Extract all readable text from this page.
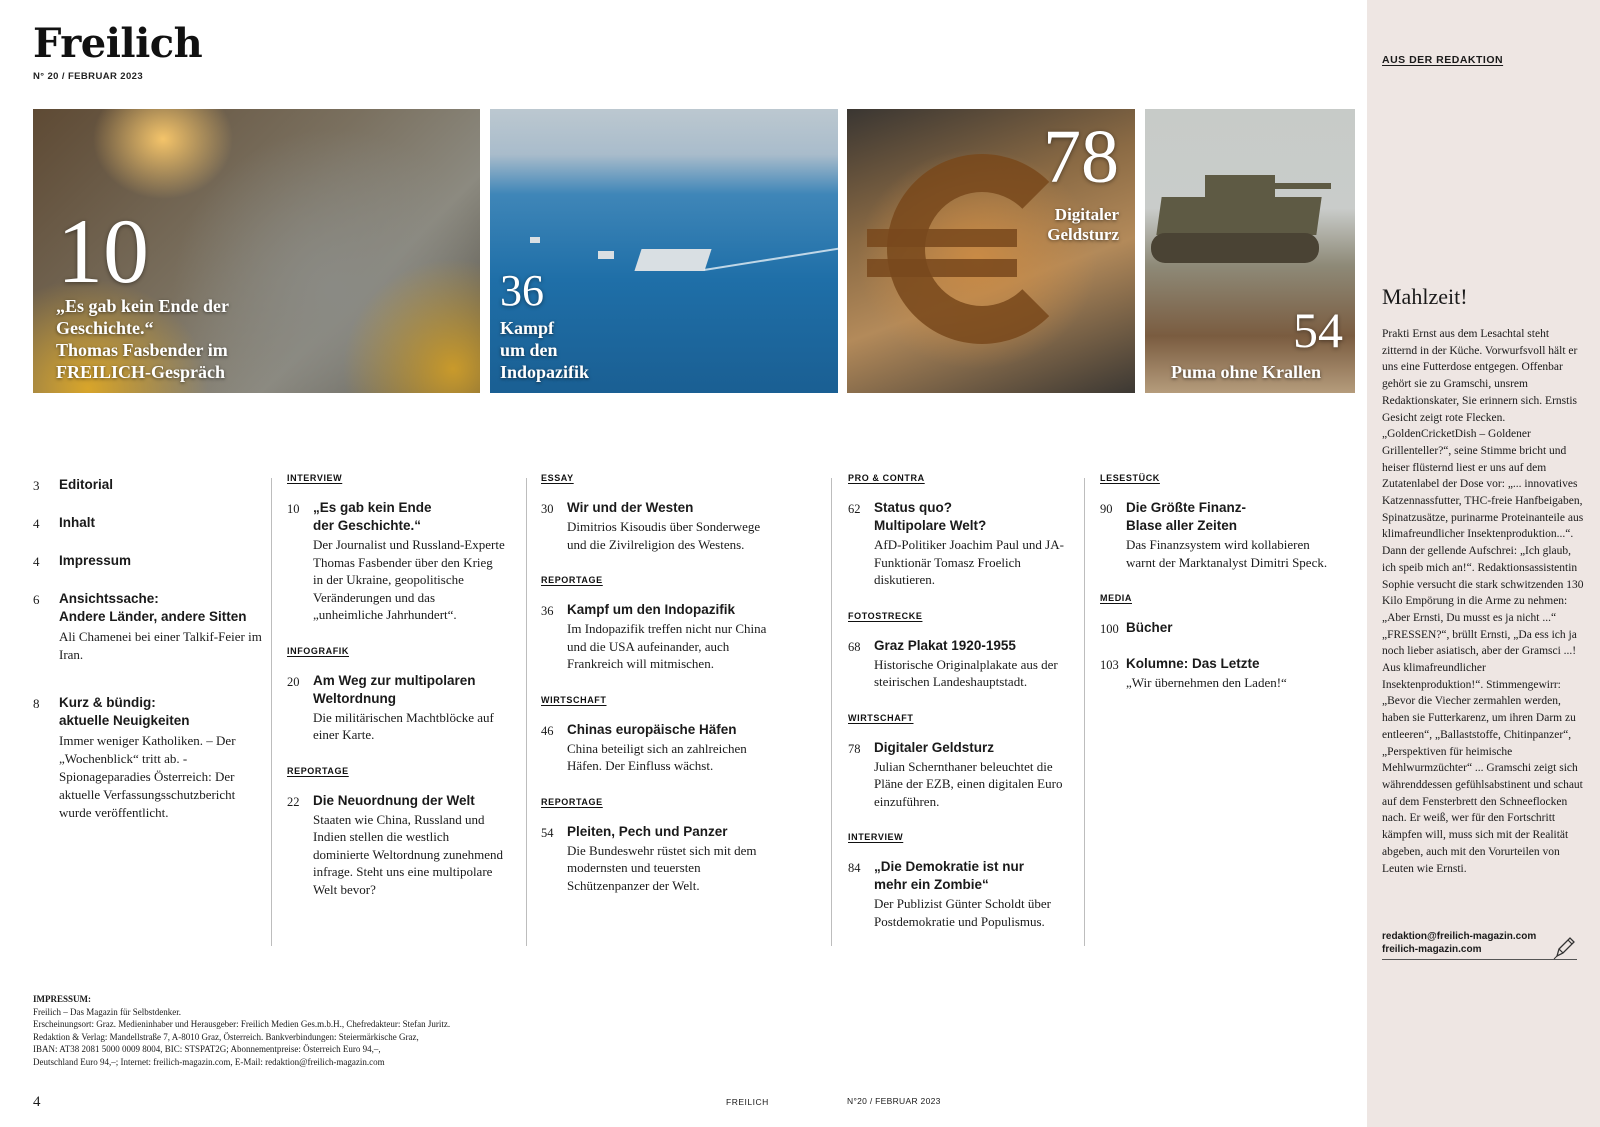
Freilich
N° 20 / FEBRUAR 2023
10
„Es gab kein Ende der Geschichte.“
Thomas Fasbender im FREILICH-Gespräch
36
Kampf
um den
Indopazifik
78
Digitaler
Geldsturz
54
Puma ohne Krallen
3	Editorial
4	Inhalt
4	Impressum
6	Ansichtssache:
Andere Länder, andere Sitten
Ali Chamenei bei einer Talkif-Feier im Iran.
8	Kurz & bündig:
aktuelle Neuigkeiten
Immer weniger Katholiken. – Der „Wochenblick“ tritt ab. - Spionageparadies Österreich: Der aktuelle Verfassungsschutzbericht wurde veröffentlicht.
INTERVIEW
10	„Es gab kein Ende
der Geschichte.“
Der Journalist und Russland-Experte Thomas Fasbender über den Krieg in der Ukraine, geopolitische Veränderungen und das „unheimliche Jahrhundert“.
INFOGRAFIK
20	Am Weg zur multipolaren
Weltordnung
Die militärischen Machtblöcke auf einer Karte.
REPORTAGE
22	Die Neuordnung der Welt
Staaten wie China, Russland und Indien stellen die westlich dominierte Weltordnung zunehmend infrage. Steht uns eine multipolare Welt bevor?
ESSAY
30	Wir und der Westen
Dimitrios Kisoudis über Sonderwege und die Zivilreligion des Westens.
REPORTAGE
36	Kampf um den Indopazifik
Im Indopazifik treffen nicht nur China und die USA aufeinander, auch Frankreich will mitmischen.
WIRTSCHAFT
46	Chinas europäische Häfen
China beteiligt sich an zahlreichen Häfen. Der Einfluss wächst.
REPORTAGE
54	Pleiten, Pech und Panzer
Die Bundeswehr rüstet sich mit dem modernsten und teuersten Schützenpanzer der Welt.
PRO & CONTRA
62	Status quo?
Multipolare Welt?
AfD-Politiker Joachim Paul und JA-Funktionär Tomasz Froelich diskutieren.
FOTOSTRECKE
68	Graz Plakat 1920-1955
Historische Originalplakate aus der steirischen Landeshauptstadt.
WIRTSCHAFT
78	Digitaler Geldsturz
Julian Schernthaner beleuchtet die Pläne der EZB, einen digitalen Euro einzuführen.
INTERVIEW
84	„Die Demokratie ist nur
mehr ein Zombie“
Der Publizist Günter Scholdt über Postdemokratie und Populismus.
LESESTÜCK
90	Die Größte Finanz-
Blase aller Zeiten
Das Finanzsystem wird kollabieren warnt der Marktanalyst Dimitri Speck.
MEDIA
100 Bücher
103 Kolumne: Das Letzte
„Wir übernehmen den Laden!“
IMPRESSUM:
Freilich – Das Magazin für Selbstdenker.
Erscheinungsort: Graz. Medieninhaber und Herausgeber: Freilich Medien Ges.m.b.H., Chefredakteur: Stefan Juritz.
Redaktion & Verlag: Mandellstraße 7, A-8010 Graz, Österreich. Bankverbindungen: Steiermärkische Graz,
IBAN: AT38 2081 5000 0009 8004, BIC: STSPAT2G; Abonnementpreise: Österreich Euro 94,–,
Deutschland Euro 94,–; Internet: freilich-magazin.com, E-Mail: redaktion@freilich-magazin.com
4	FREILICH	N°20 / FEBRUAR 2023
AUS DER REDAKTION
Mahlzeit!
Prakti Ernst aus dem Lesachtal steht zitternd in der Küche. Vorwurfsvoll hält er uns eine Futterdose entgegen. Offenbar gehört sie zu Gramschi, unsrem Redaktionskater, Sie erinnern sich. Ernstis Gesicht zeigt rote Flecken. „GoldenCricketDish – Goldener Grillenteller?“, seine Stimme bricht und heiser flüsternd liest er uns auf dem Zutatenlabel der Dose vor: „... innovatives Katzennassfutter, THC-freie Hanfbeigaben, Spinatzusätze, purinarme Proteinanteile aus klimafreundlicher Insektenproduktion...“. Dann der gellende Aufschrei: „Ich glaub, ich speib mich an!“. Redaktionsassistentin Sophie versucht die stark schwitzenden 130 Kilo Empörung in die Arme zu nehmen: „Aber Ernsti, Du musst es ja nicht ...“ „FRESSEN?“, brüllt Ernsti, „Da ess ich ja noch lieber asiatisch, aber der Gramsci ...! Aus klimafreundlicher Insektenproduktion!“. Stimmengewirr: „Bevor die Viecher zermahlen werden, haben sie Futterkarenz, um ihren Darm zu entleeren“, „Ballaststoffe, Chitinpanzer“, „Perspektiven für heimische Mehlwurmzüchter“ ... Gramschi zeigt sich währenddessen gefühlsabstinent und schaut auf dem Fensterbrett den Schneeflocken nach. Er weiß, wer für den Fortschritt kämpfen will, muss sich mit der Realität abgeben, auch mit den Vorurteilen von Leuten wie Ernsti.
redaktion@freilich-magazin.com
freilich-magazin.com
